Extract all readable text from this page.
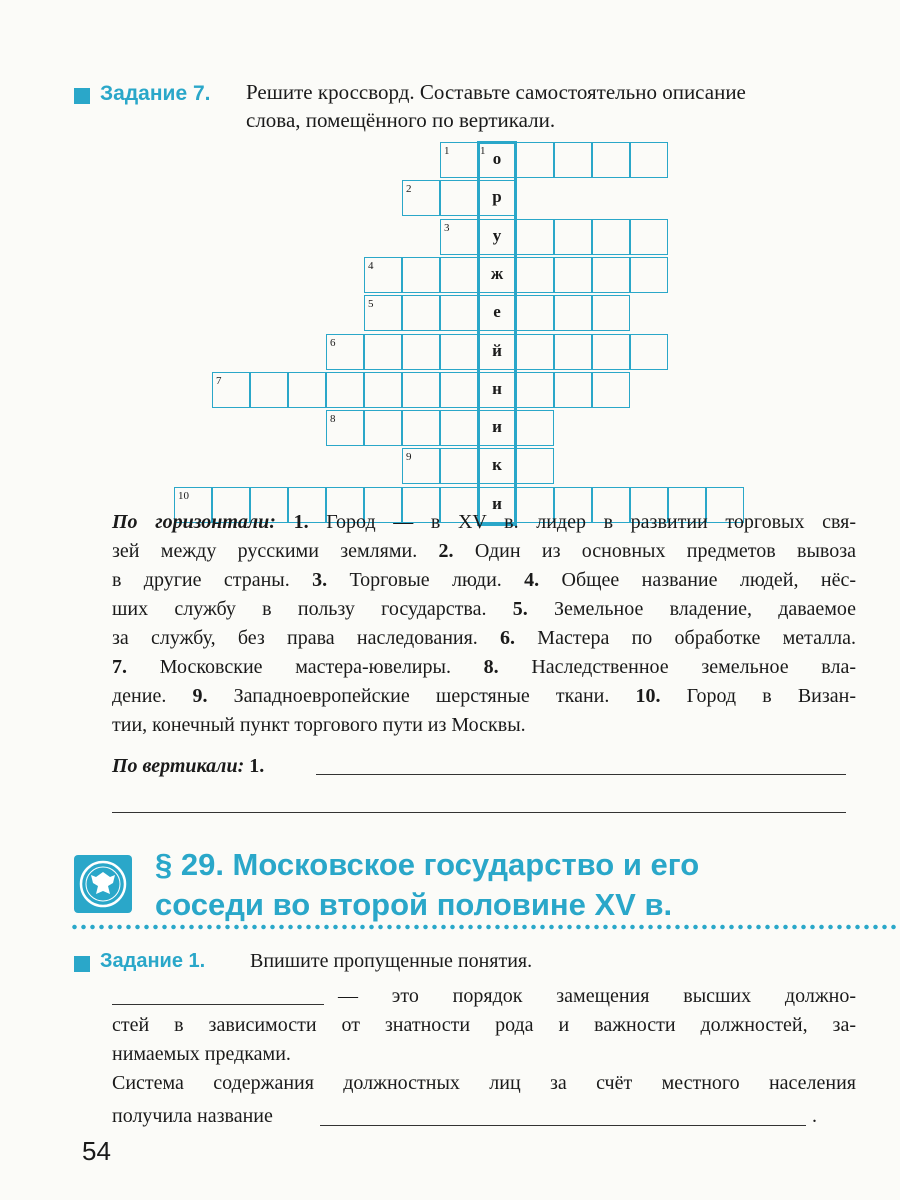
Задание 7. Решите кроссворд. Составьте самостоятельно описание
слова, помещённого по вертикали.
1	о
2	р
3	у
4	ж
5	е
6	й
7	н
8	и
9	к
10	и
1
По горизонтали: 1. Город — в XV в. лидер в развитии торговых свя-
зей между русскими землями. 2. Один из основных предметов вывоза
в другие страны. 3. Торговые люди. 4. Общее название людей, нёс-
ших службу в пользу государства. 5. Земельное владение, даваемое
за службу, без права наследования. 6. Мастера по обработке металла.
7. Московские мастера-ювелиры. 8. Наследственное земельное вла-
дение. 9. Западноевропейские шерстяные ткани. 10. Город в Визан-
тии, конечный пункт торгового пути из Москвы.
По вертикали: 1.
§ 29. Московское государство и его
соседи во второй половине XV в.
Задание 1. Впишите пропущенные понятия.
— это порядок замещения высших должно-
стей в зависимости от знатности рода и важности должностей, за-
нимаемых предками.
Система содержания должностных лиц за счёт местного населения
получила название	.
54
